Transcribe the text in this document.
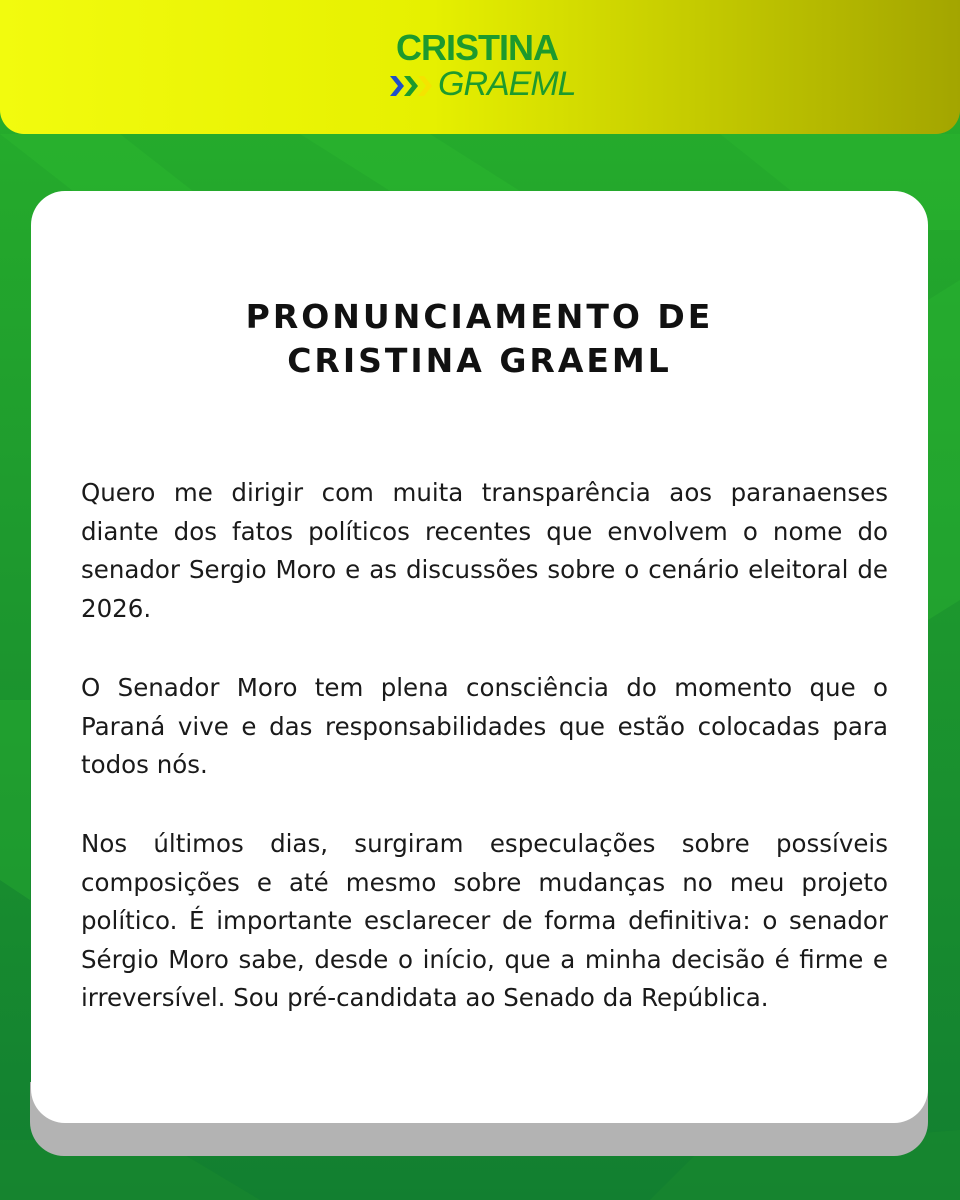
CRISTINA
GRAEML
PRONUNCIAMENTO DE
CRISTINA GRAEML

Quero me dirigir com muita transparência aos paranaenses diante dos fatos políticos recentes que envolvem o nome do senador Sergio Moro e as discussões sobre o cenário eleitoral de 2026.

O Senador Moro tem plena consciência do momento que o Paraná vive e das responsabilidades que estão colocadas para todos nós.

Nos últimos dias, surgiram especulações sobre possíveis composições e até mesmo sobre mudanças no meu projeto político. É importante esclarecer de forma definitiva: o senador Sérgio Moro sabe, desde o início, que a minha decisão é firme e irreversível. Sou pré-candidata ao Senado da República.
